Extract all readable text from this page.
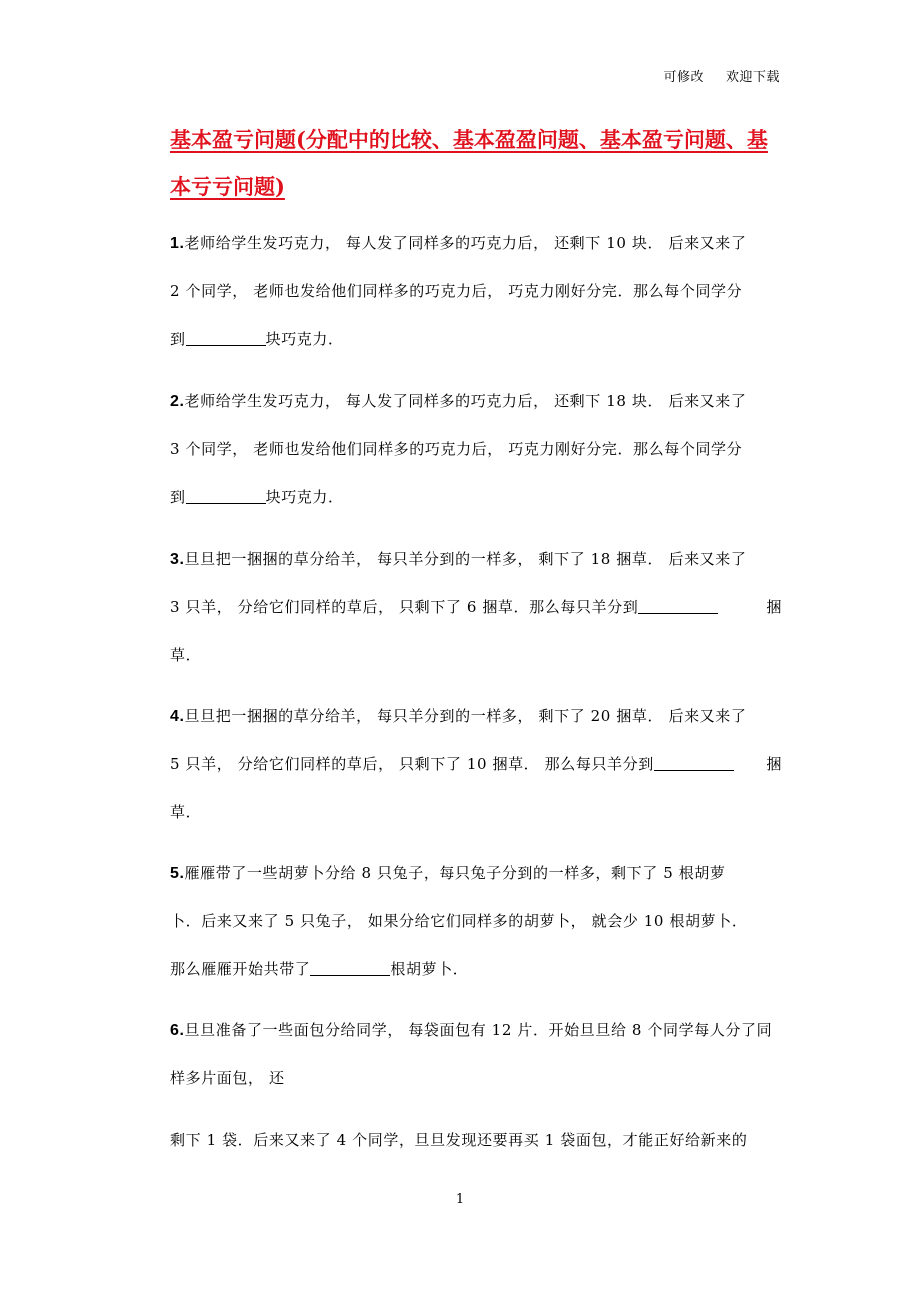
可修改 欢迎下载
基本盈亏问题(分配中的比较、基本盈盈问题、基本盈亏问题、基本亏亏问题)
1.老师给学生发巧克力， 每人发了同样多的巧克力后， 还剩下 10 块． 后来又来了
2 个同学， 老师也发给他们同样多的巧克力后， 巧克力刚好分完．那么每个同学分
到	块巧克力．
2.老师给学生发巧克力， 每人发了同样多的巧克力后， 还剩下 18 块． 后来又来了
3 个同学， 老师也发给他们同样多的巧克力后， 巧克力刚好分完．那么每个同学分
到	块巧克力．
3.旦旦把一捆捆的草分给羊， 每只羊分到的一样多， 剩下了 18 捆草． 后来又来了
3 只羊， 分给它们同样的草后， 只剩下了 6 捆草．那么每只羊分到	捆
草．
4.旦旦把一捆捆的草分给羊， 每只羊分到的一样多， 剩下了 20 捆草． 后来又来了
5 只羊， 分给它们同样的草后， 只剩下了 10 捆草． 那么每只羊分到	捆
草．
5.雁雁带了一些胡萝卜分给 8 只兔子，每只兔子分到的一样多，剩下了 5 根胡萝
卜．后来又来了 5 只兔子， 如果分给它们同样多的胡萝卜， 就会少 10 根胡萝卜．
那么雁雁开始共带了	根胡萝卜．
6.旦旦准备了一些面包分给同学， 每袋面包有 12 片．开始旦旦给 8 个同学每人分了同
样多片面包， 还
剩下 1 袋．后来又来了 4 个同学，旦旦发现还要再买 1 袋面包，才能正好给新来的
1
